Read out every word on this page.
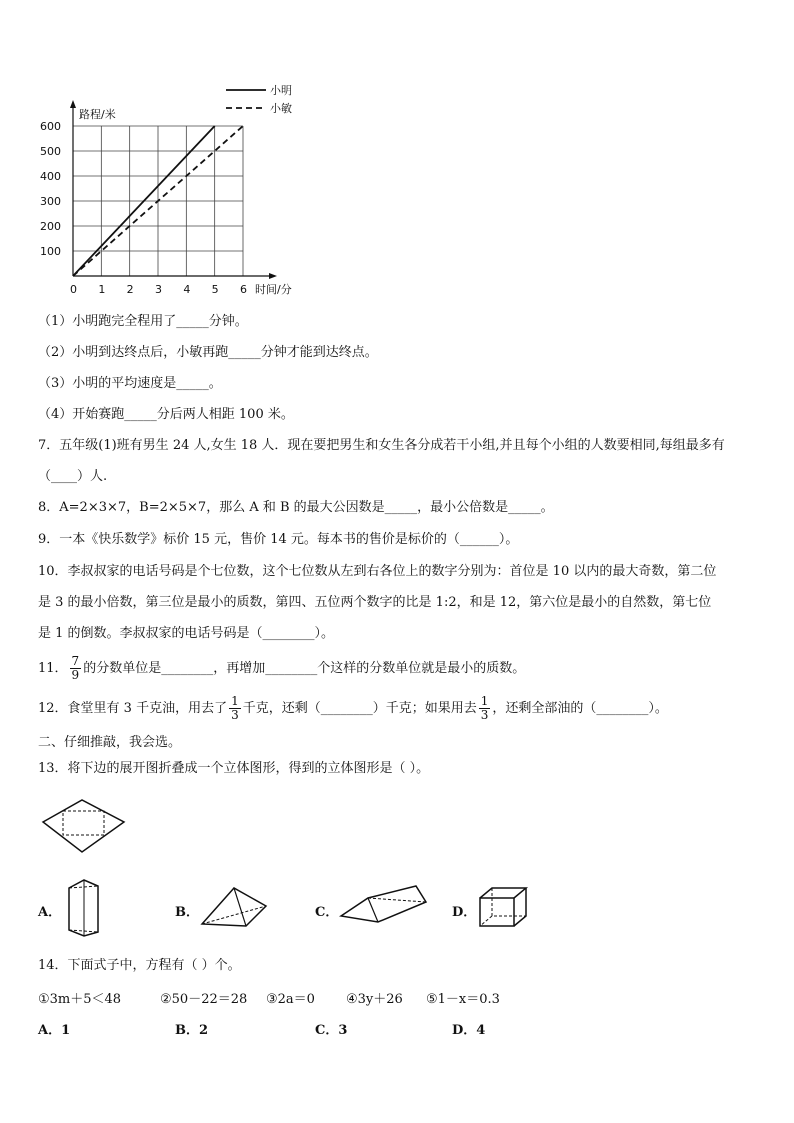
路程/米
时间/分
0 1 2 3 4 5 6
100
200
300
400
500
600
小明
小敏
（1）小明跑完全程用了_____分钟。
（2）小明到达终点后，小敏再跑_____分钟才能到达终点。
（3）小明的平均速度是_____。
（4）开始赛跑_____分后两人相距 100 米。
7．五年级(1)班有男生 24 人,女生 18 人．现在要把男生和女生各分成若干小组,并且每个小组的人数要相同,每组最多有
（____）人.
8．A=2×3×7，B=2×5×7，那么 A 和 B 的最大公因数是_____，最小公倍数是_____。
9．一本《快乐数学》标价 15 元，售价 14 元。每本书的售价是标价的（______）。
10．李叔叔家的电话号码是个七位数，这个七位数从左到右各位上的数字分别为：首位是 10 以内的最大奇数，第二位
是 3 的最小倍数，第三位是最小的质数，第四、五位两个数字的比是 1:2，和是 12，第六位是最小的自然数，第七位
是 1 的倒数。李叔叔家的电话号码是（________）。
11． $\frac{7}{9}$ 的分数单位是________，再增加________个这样的分数单位就是最小的质数。
12．食堂里有 3 千克油，用去了 $\frac{1}{3}$ 千克，还剩（________）千克；如果用去 $\frac{1}{3}$ ，还剩全部油的（________）。
二、仔细推敲，我会选。
13．将下边的展开图折叠成一个立体图形，得到的立体图形是（ ）。
A．	B．	C．	D．
14．下面式子中，方程有（ ）个。
①3m＋5＜48	②50－22＝28 ③2a＝0 ④3y＋26 ⑤1－x＝0.3
A．1	B．2	C．3	D．4
